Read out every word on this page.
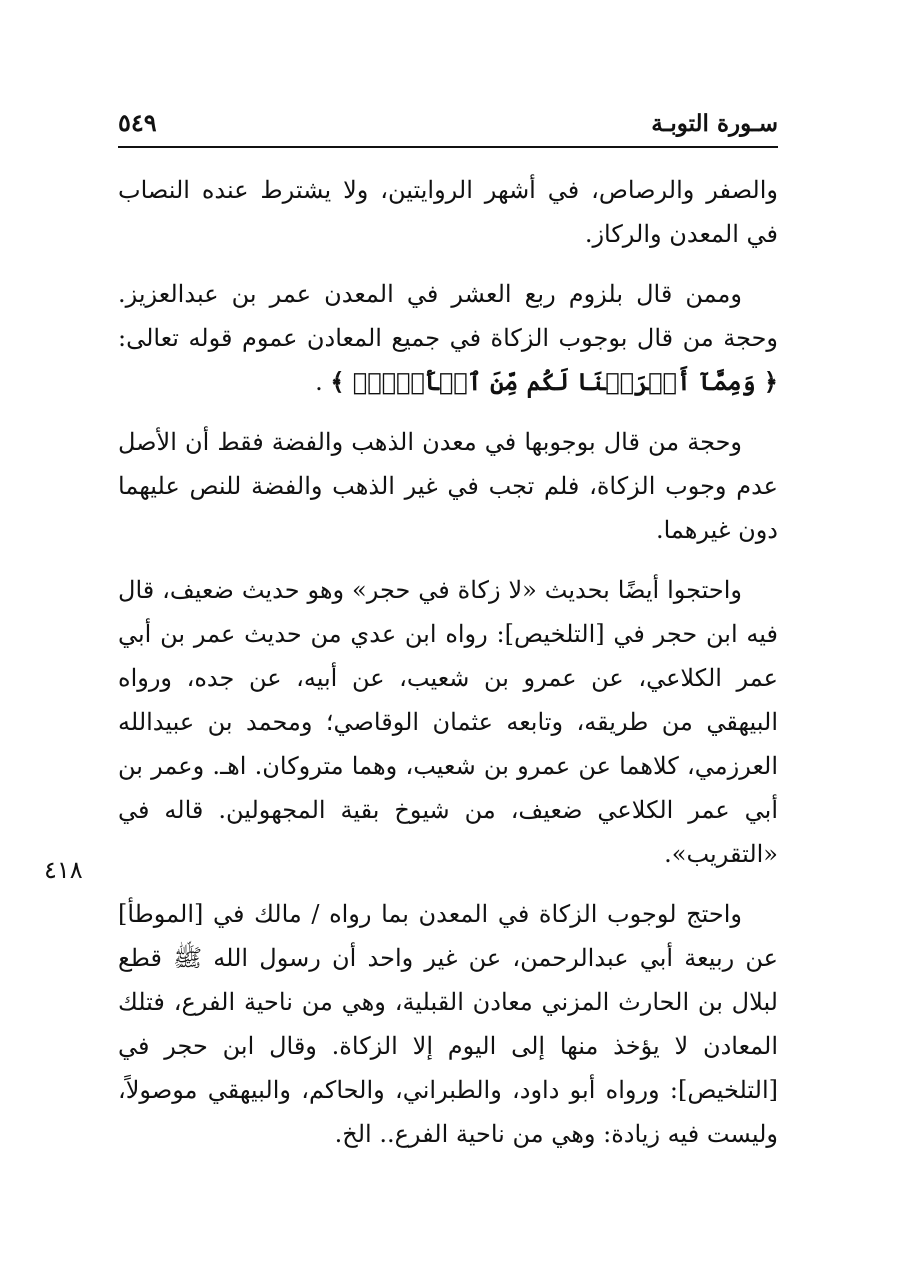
سـورة التوبـة
٥٤٩

والصفر والرصاص، في أشهر الروايتين، ولا يشترط عنده النصاب في المعدن والركاز.

وممن قال بلزوم ربع العشر في المعدن عمر بن عبدالعزيز. وحجة من قال بوجوب الزكاة في جميع المعادن عموم قوله تعالى: ﴿ وَمِمَّآ أَخۡرَجۡنَا لَكُم مِّنَ ٱلۡأَرۡضِۗ ﴾ .

وحجة من قال بوجوبها في معدن الذهب والفضة فقط أن الأصل عدم وجوب الزكاة، فلم تجب في غير الذهب والفضة للنص عليهما دون غيرهما.

واحتجوا أيضًا بحديث «لا زكاة في حجر» وهو حديث ضعيف، قال فيه ابن حجر في [التلخيص]: رواه ابن عدي من حديث عمر بن أبي عمر الكلاعي، عن عمرو بن شعيب، عن أبيه، عن جده، ورواه البيهقي من طريقه، وتابعه عثمان الوقاصي؛ ومحمد بن عبيدالله العرزمي، كلاهما عن عمرو بن شعيب، وهما متروكان. اهـ. وعمر بن أبي عمر الكلاعي ضعيف، من شيوخ بقية المجهولين. قاله في «التقريب».

واحتج لوجوب الزكاة في المعدن بما رواه / مالك في [الموطأ] عن ربيعة أبي عبدالرحمن، عن غير واحد أن رسول الله ﷺ قطع لبلال بن الحارث المزني معادن القبلية، وهي من ناحية الفرع، فتلك المعادن لا يؤخذ منها إلى اليوم إلا الزكاة. وقال ابن حجر في [التلخيص]: ورواه أبو داود، والطبراني، والحاكم، والبيهقي موصولاً، وليست فيه زيادة: وهي من ناحية الفرع.. الخ.

٤١٨
